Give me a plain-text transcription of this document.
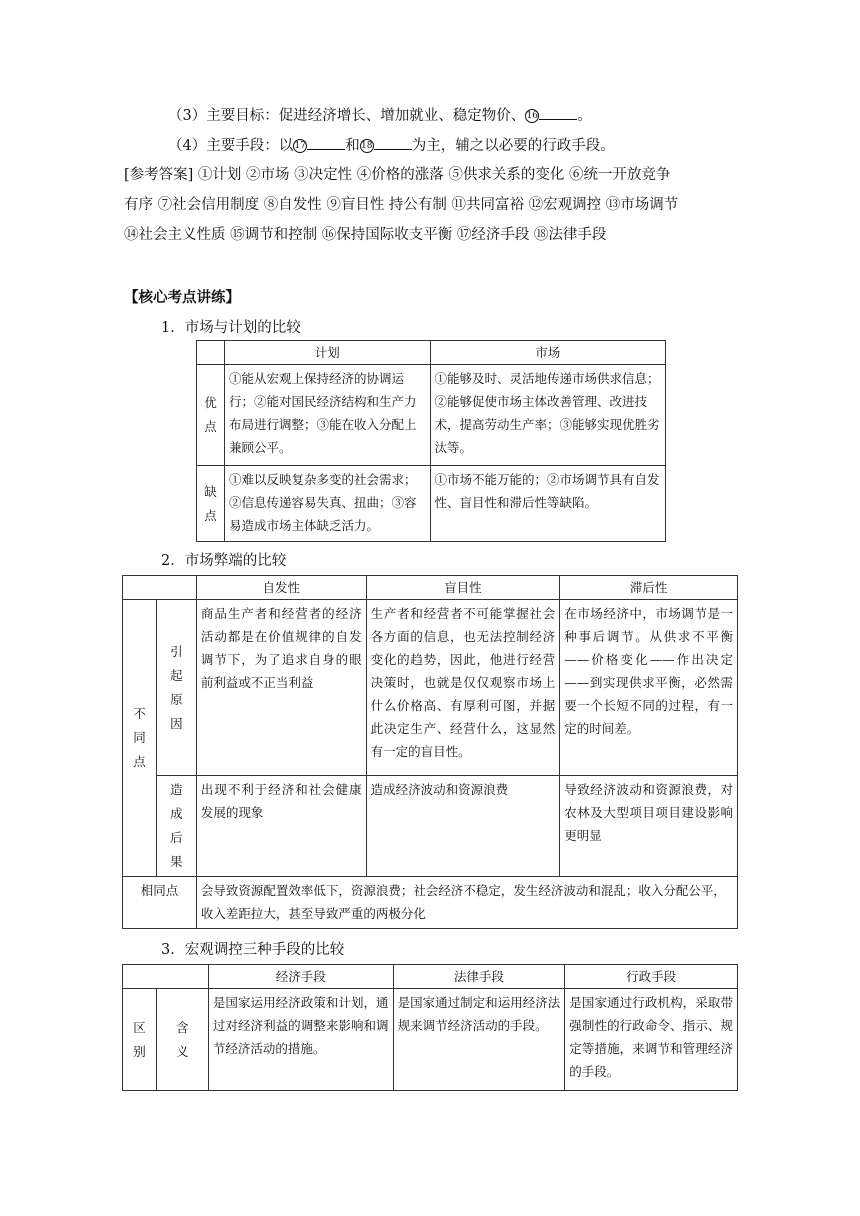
（3）主要目标：促进经济增长、增加就业、稳定物价、16	。
（4）主要手段：以17	和18	为主，辅之以必要的行政手段。
[参考答案] ①计划 ②市场 ③决定性 ④价格的涨落 ⑤供求关系的变化 ⑥统一开放竞争
有序 ⑦社会信用制度 ⑧自发性 ⑨盲目性 持公有制 ⑪共同富裕 ⑫宏观调控 ⑬市场调节
⑭社会主义性质 ⑮调节和控制 ⑯保持国际收支平衡 ⑰经济手段 ⑱法律手段
【核心考点讲练】
1．市场与计划的比较
	计划	市场

优点	①能从宏观上保持经济的协调运行；②能对国民经济结构和生产力布局进行调整；③能在收入分配上兼顾公平。	①能够及时、灵活地传递市场供求信息；②能够促使市场主体改善管理、改进技术，提高劳动生产率；③能够实现优胜劣汰等。

缺点	①难以反映复杂多变的社会需求；②信息传递容易失真、扭曲；③容易造成市场主体缺乏活力。	①市场不能万能的；②市场调节具有自发性、盲目性和滞后性等缺陷。
2．市场弊端的比较
		自发性	盲目性	滞后性

不同点	引起原因	商品生产者和经营者的经济活动都是在价值规律的自发调节下，为了追求自身的眼前利益或不正当利益	生产者和经营者不可能掌握社会各方面的信息，也无法控制经济变化的趋势，因此，他进行经营决策时，也就是仅仅观察市场上什么价格高、有厚利可图，并据此决定生产、经营什么，这显然有一定的盲目性。	在市场经济中，市场调节是一种事后调节。从供求不平衡——价格变化——作出决定——到实现供求平衡，必然需要一个长短不同的过程，有一定的时间差。

	造成后果	出现不利于经济和社会健康发展的现象	造成经济波动和资源浪费	导致经济波动和资源浪费，对农林及大型项目项目建设影响更明显
相同点		会导致资源配置效率低下，资源浪费；社会经济不稳定，发生经济波动和混乱；收入分配公平，收入差距拉大，甚至导致严重的两极分化		
3．宏观调控三种手段的比较
		经济手段	法律手段	行政手段

区别	含义	是国家运用经济政策和计划，通过对经济利益的调整来影响和调节经济活动的措施。	是国家通过制定和运用经济法规来调节经济活动的手段。	是国家通过行政机构，采取带强制性的行政命令、指示、规定等措施，来调节和管理经济的手段。
